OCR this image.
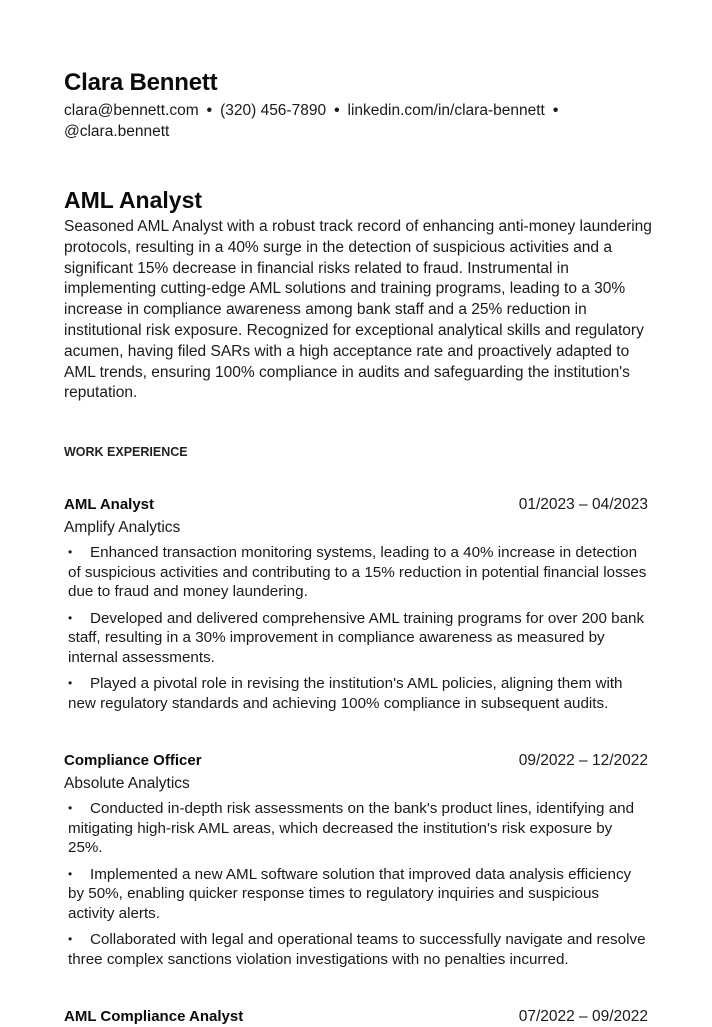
Clara Bennett
clara@bennett.com • (320) 456-7890 • linkedin.com/in/clara-bennett •
@clara.bennett
AML Analyst

Seasoned AML Analyst with a robust track record of enhancing anti-money laundering protocols, resulting in a 40% surge in the detection of suspicious activities and a significant 15% decrease in financial risks related to fraud. Instrumental in implementing cutting-edge AML solutions and training programs, leading to a 30% increase in compliance awareness among bank staff and a 25% reduction in institutional risk exposure. Recognized for exceptional analytical skills and regulatory acumen, having filed SARs with a high acceptance rate and proactively adapted to AML trends, ensuring 100% compliance in audits and safeguarding the institution's reputation.

WORK EXPERIENCE
AML Analyst	01/2023 – 04/2023
Amplify Analytics
• Enhanced transaction monitoring systems, leading to a 40% increase in detection of suspicious activities and contributing to a 15% reduction in potential financial losses due to fraud and money laundering.
• Developed and delivered comprehensive AML training programs for over 200 bank staff, resulting in a 30% improvement in compliance awareness as measured by internal assessments.
• Played a pivotal role in revising the institution's AML policies, aligning them with new regulatory standards and achieving 100% compliance in subsequent audits.
Compliance Officer	09/2022 – 12/2022
Absolute Analytics
• Conducted in-depth risk assessments on the bank's product lines, identifying and mitigating high-risk AML areas, which decreased the institution's risk exposure by 25%.
• Implemented a new AML software solution that improved data analysis efficiency by 50%, enabling quicker response times to regulatory inquiries and suspicious activity alerts.
• Collaborated with legal and operational teams to successfully navigate and resolve three complex sanctions violation investigations with no penalties incurred.
AML Compliance Analyst	07/2022 – 09/2022
